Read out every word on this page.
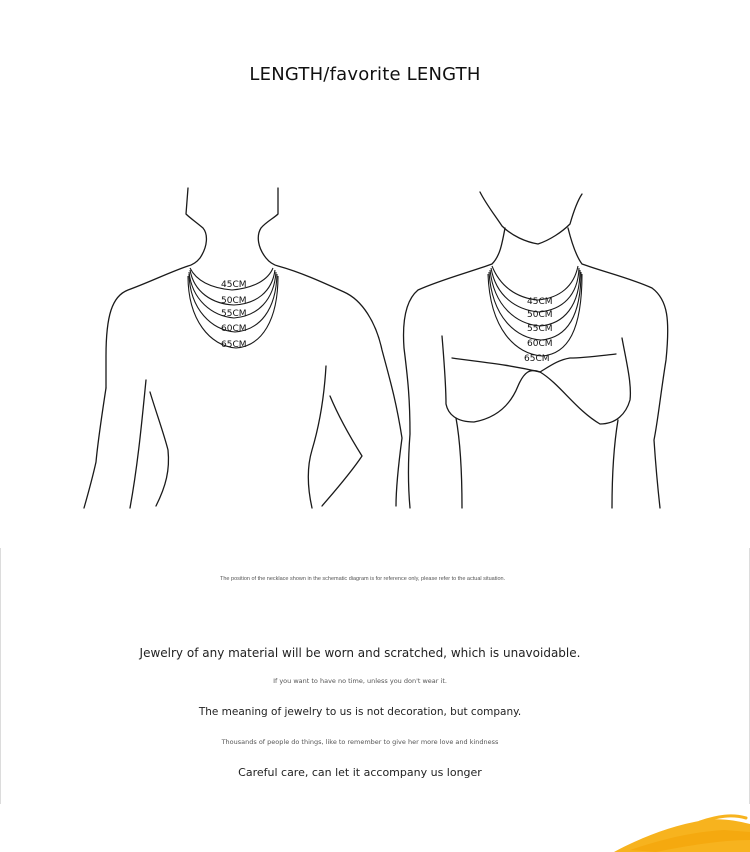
LENGTH/favorite LENGTH
45CM
50CM
55CM
60CM
65CM
45CM
50CM
55CM
60CM
65CM
The position of the necklace shown in the schematic diagram is for reference only, please refer to the actual situation.
Jewelry of any material will be worn and scratched, which is unavoidable.
If you want to have no time, unless you don't wear it.
The meaning of jewelry to us is not decoration, but company.
Thousands of people do things, like to remember to give her more love and kindness
Careful care, can let it accompany us longer
